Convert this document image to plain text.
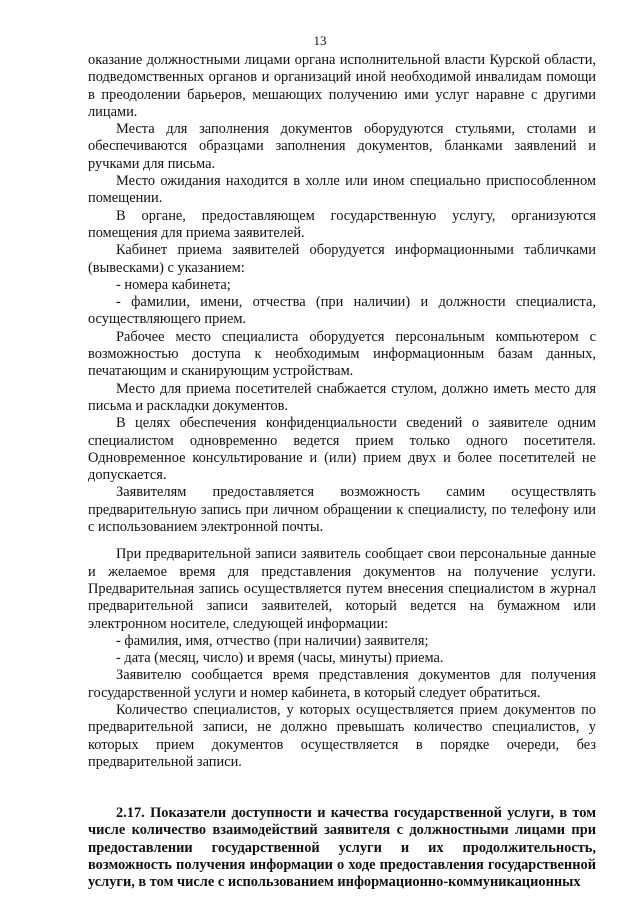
13

оказание должностными лицами органа исполнительной власти Курской области, подведомственных органов и организаций иной необходимой инвалидам помощи в преодолении барьеров, мешающих получению ими услуг наравне с другими лицами.

Места для заполнения документов оборудуются стульями, столами и обеспечиваются образцами заполнения документов, бланками заявлений и ручками для письма.

Место ожидания находится в холле или ином специально приспособленном помещении.

В органе, предоставляющем государственную услугу, организуются помещения для приема заявителей.

Кабинет приема заявителей оборудуется информационными табличками (вывесками) с указанием:

- номера кабинета;

- фамилии, имени, отчества (при наличии) и должности специалиста, осуществляющего прием.

Рабочее место специалиста оборудуется персональным компьютером с возможностью доступа к необходимым информационным базам данных, печатающим и сканирующим устройствам.

Место для приема посетителей снабжается стулом, должно иметь место для письма и раскладки документов.

В целях обеспечения конфиденциальности сведений о заявителе одним специалистом одновременно ведется прием только одного посетителя. Одновременное консультирование и (или) прием двух и более посетителей не допускается.

Заявителям предоставляется возможность самим осуществлять предварительную запись при личном обращении к специалисту, по телефону или с использованием электронной почты.

При предварительной записи заявитель сообщает свои персональные данные и желаемое время для представления документов на получение услуги. Предварительная запись осуществляется путем внесения специалистом в журнал предварительной записи заявителей, который ведется на бумажном или электронном носителе, следующей информации:

- фамилия, имя, отчество (при наличии) заявителя;

- дата (месяц, число) и время (часы, минуты) приема.

Заявителю сообщается время представления документов для получения государственной услуги и номер кабинета, в который следует обратиться.

Количество специалистов, у которых осуществляется прием документов по предварительной записи, не должно превышать количество специалистов, у которых прием документов осуществляется в порядке очереди, без предварительной записи.

2.17. Показатели доступности и качества государственной услуги, в том числе количество взаимодействий заявителя с должностными лицами при предоставлении государственной услуги и их продолжительность, возможность получения информации о ходе предоставления государственной услуги, в том числе с использованием информационно-коммуникационных
